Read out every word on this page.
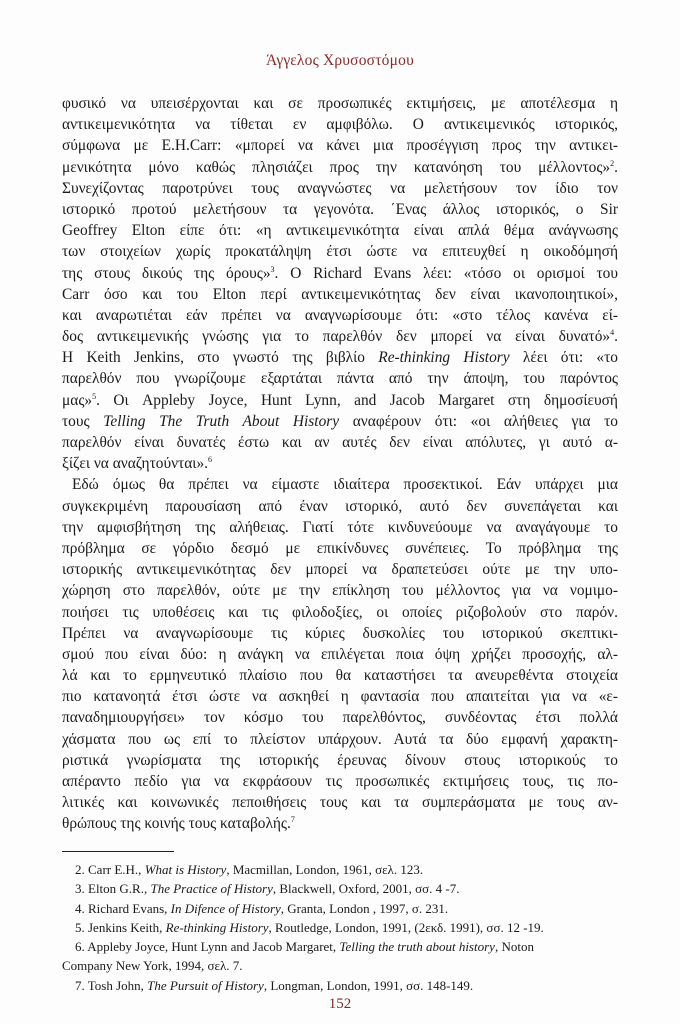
Άγγελος Χρυσοστόμου
φυσικό να υπεισέρχονται και σε προσωπικές εκτιμήσεις, με αποτέλεσμα η
αντικειμενικότητα να τίθεται εν αμφιβόλω. Ο αντικειμενικός ιστορικός,
σύμφωνα με E.H.Carr: «μπορεί να κάνει μια προσέγγιση προς την αντικει-
μενικότητα μόνο καθώς πλησιάζει προς την κατανόηση του μέλλοντος»$^2$.
Συνεχίζοντας παροτρύνει τους αναγνώστες να μελετήσουν τον ίδιο τον
ιστορικό προτού μελετήσουν τα γεγονότα. ΄Ενας άλλος ιστορικός, ο Sir
Geoffrey Elton είπε ότι: «η αντικειμενικότητα είναι απλά θέμα ανάγνωσης
των στοιχείων χωρίς προκατάληψη έτσι ώστε να επιτευχθεί η οικοδόμησή
της στους δικούς της όρους»$^3$. Ο Richard Evans λέει: «τόσο οι ορισμοί του
Carr όσο και του Elton περί αντικειμενικότητας δεν είναι ικανοποιητικοί»,
και αναρωτιέται εάν πρέπει να αναγνωρίσουμε ότι: «στο τέλος κανένα εί-
δος αντικειμενικής γνώσης για το παρελθόν δεν μπορεί να είναι δυνατό»$^4$.
Η Keith Jenkins, στο γνωστό της βιβλίο Re-thinking History λέει ότι: «το
παρελθόν που γνωρίζουμε εξαρτάται πάντα από την άποψη, του παρόντος
μας»$^5$. Οι Appleby Joyce, Hunt Lynn, and Jacob Margaret στη δημοσίευσή
τους Telling The Truth About History αναφέρουν ότι: «οι αλήθειες για το
παρελθόν είναι δυνατές έστω και αν αυτές δεν είναι απόλυτες, γι αυτό α-
ξίζει να αναζητούνται».$^6$
Εδώ όμως θα πρέπει να είμαστε ιδιαίτερα προσεκτικοί. Εάν υπάρχει μια
συγκεκριμένη παρουσίαση από έναν ιστορικό, αυτό δεν συνεπάγεται και
την αμφισβήτηση της αλήθειας. Γιατί τότε κινδυνεύουμε να αναγάγουμε το
πρόβλημα σε γόρδιο δεσμό με επικίνδυνες συνέπειες. Το πρόβλημα της
ιστορικής αντικειμενικότητας δεν μπορεί να δραπετεύσει ούτε με την υπο-
χώρηση στο παρελθόν, ούτε με την επίκληση του μέλλοντος για να νομιμο-
ποιήσει τις υποθέσεις και τις φιλοδοξίες, οι οποίες ριζοβολούν στο παρόν.
Πρέπει να αναγνωρίσουμε τις κύριες δυσκολίες του ιστορικού σκεπτικι-
σμού που είναι δύο: η ανάγκη να επιλέγεται ποια όψη χρήζει προσοχής, αλ-
λά και το ερμηνευτικό πλαίσιο που θα καταστήσει τα ανευρεθέντα στοιχεία
πιο κατανοητά έτσι ώστε να ασκηθεί η φαντασία που απαιτείται για να «ε-
παναδημιουργήσει» τον κόσμο του παρελθόντος, συνδέοντας έτσι πολλά
χάσματα που ως επί το πλείστον υπάρχουν. Αυτά τα δύο εμφανή χαρακτη-
ριστικά γνωρίσματα της ιστορικής έρευνας δίνουν στους ιστορικούς το
απέραντο πεδίο για να εκφράσουν τις προσωπικές εκτιμήσεις τους, τις πο-
λιτικές και κοινωνικές πεποιθήσεις τους και τα συμπεράσματα με τους αν-
θρώπους της κοινής τους καταβολής.$^7$
2. Carr E.H., What is History, Macmillan, London, 1961, σελ. 123.
3. Elton G.R., The Practice of History, Blackwell, Oxford, 2001, σσ. 4 -7.
4. Richard Evans, In Difence of History, Granta, London , 1997, σ. 231.
5. Jenkins Keith, Re-thinking History, Routledge, London, 1991, (2εκδ. 1991), σσ. 12 -19.
6. Appleby Joyce, Hunt Lynn and Jacob Margaret, Telling the truth about history, Noton
Company New York, 1994, σελ. 7.
7. Tosh John, The Pursuit of History, Longman, London, 1991, σσ. 148-149.
152
